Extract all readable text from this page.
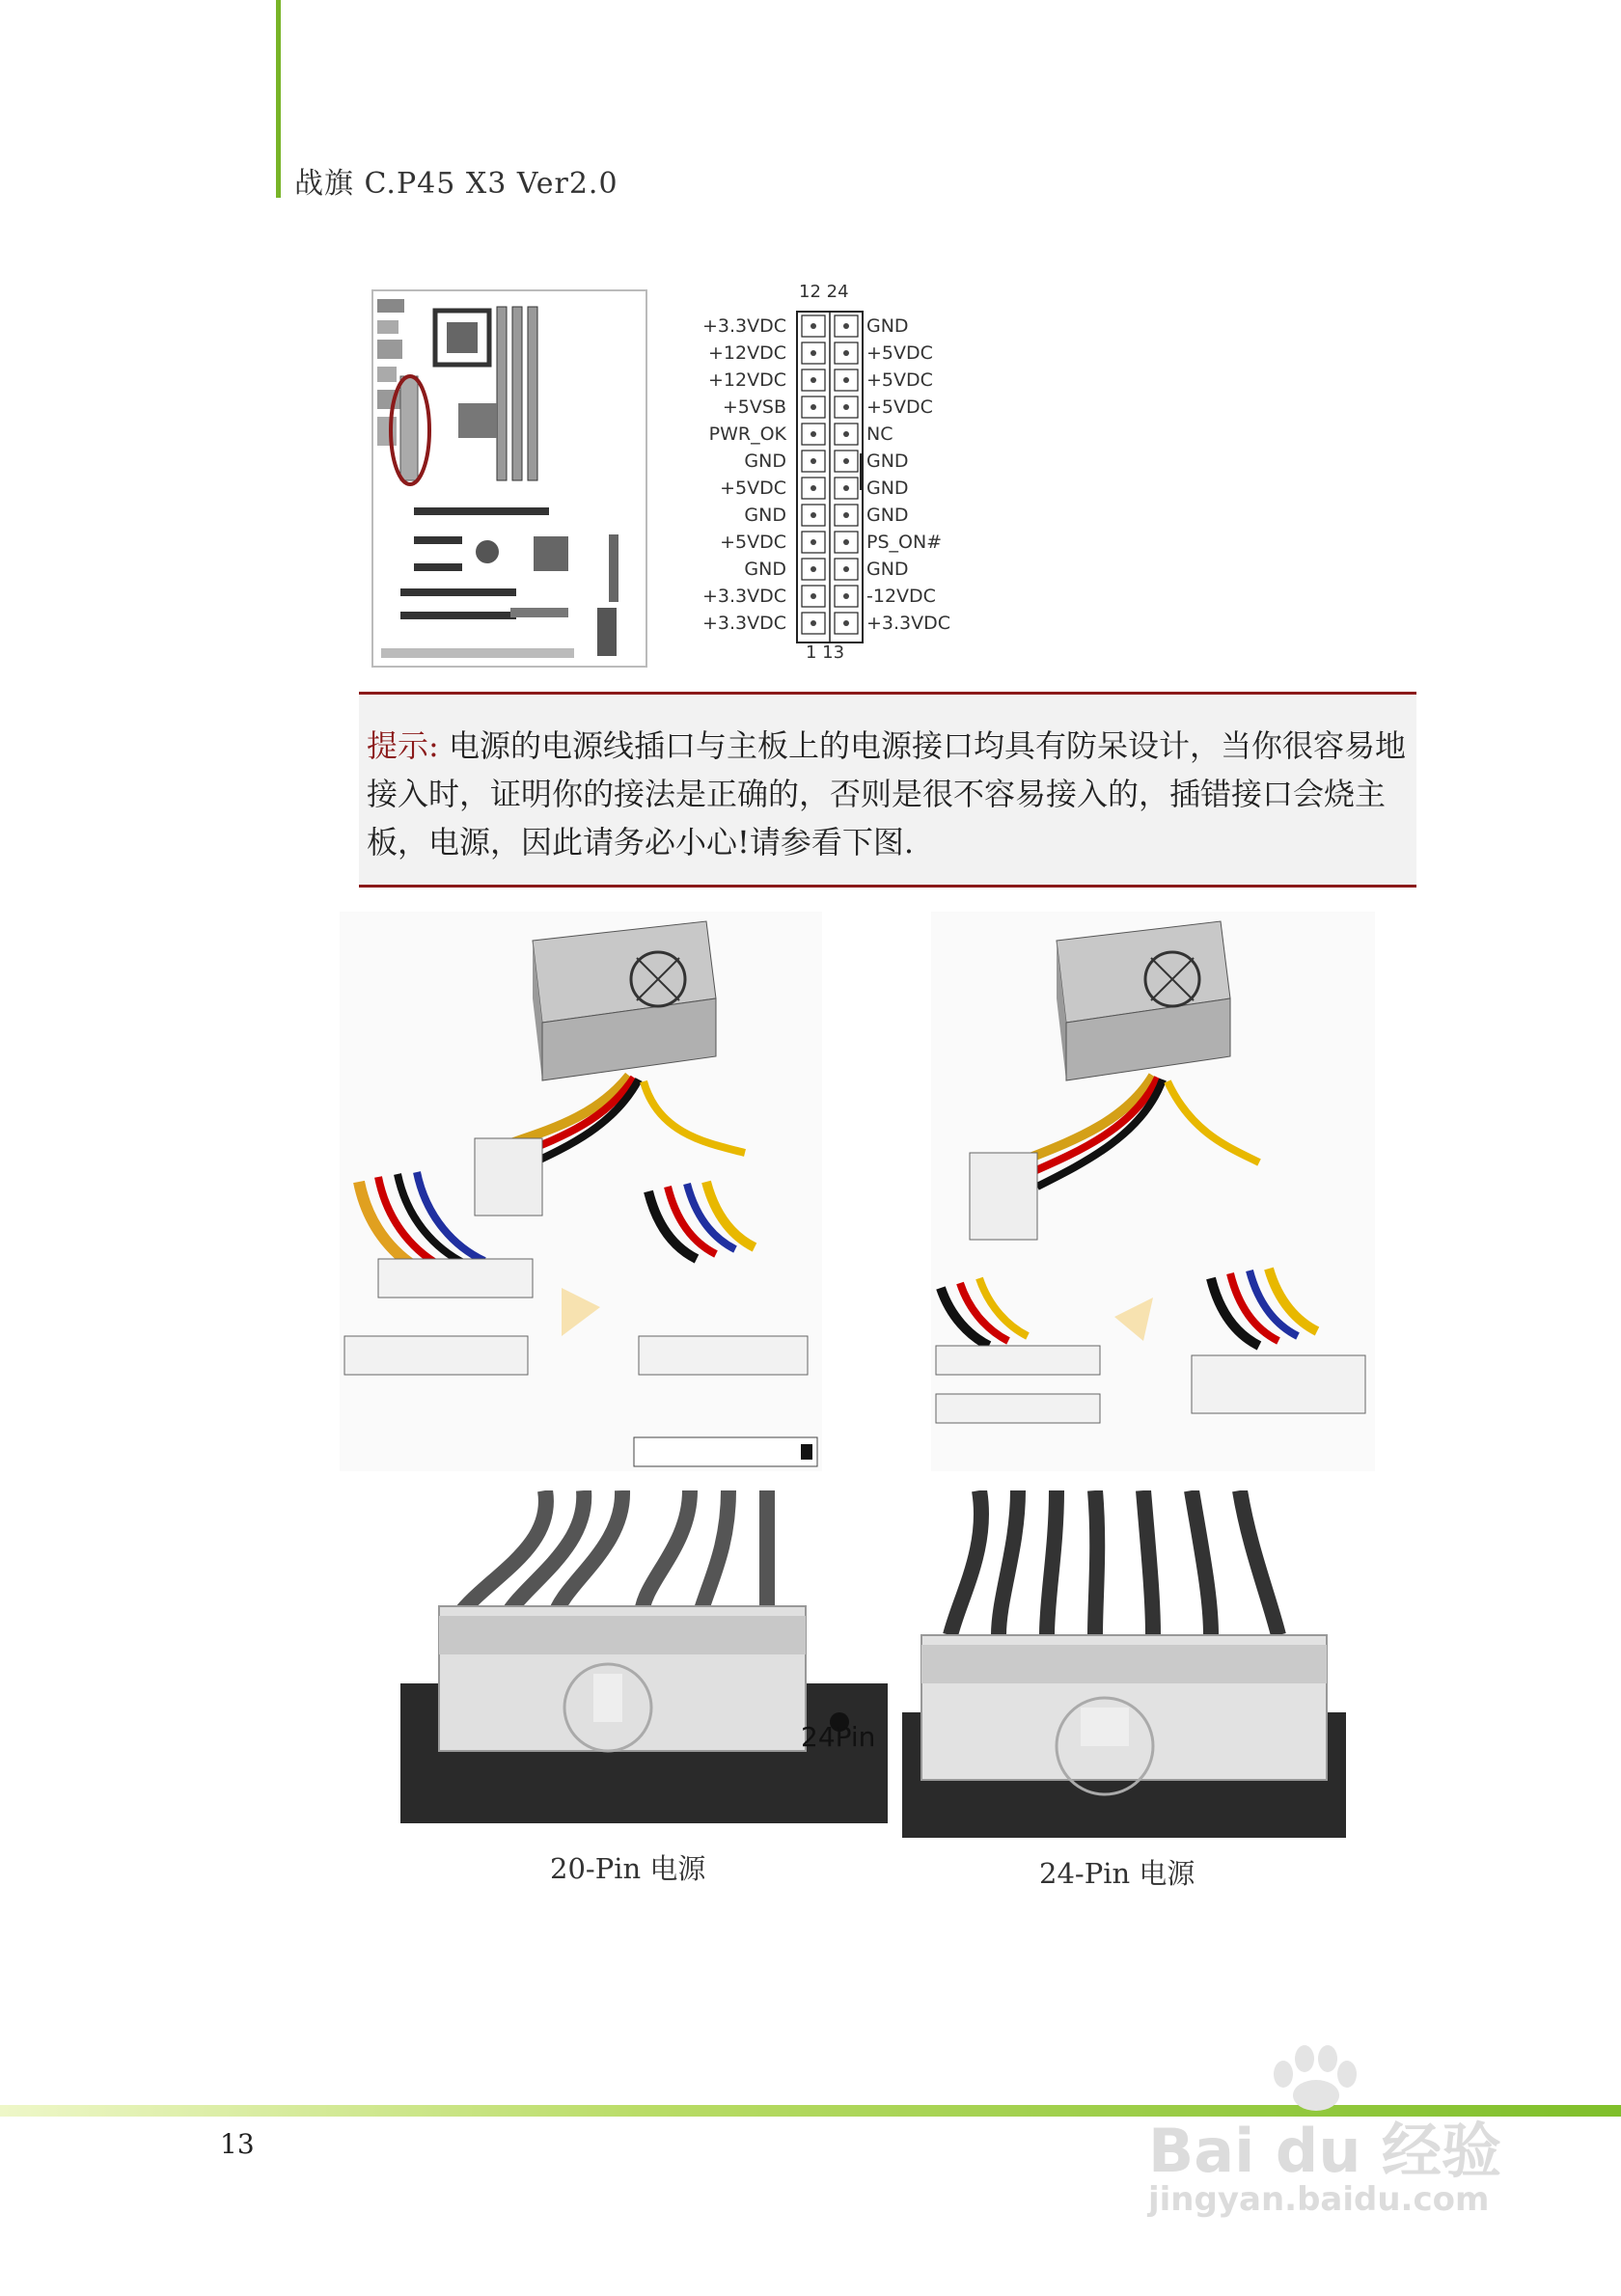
战旗 C.P45 X3 Ver2.0
12 24
+3.3VDC
+12VDC
+12VDC
+5VSB
PWR_OK
GND
+5VDC
GND
+5VDC
GND
+3.3VDC
+3.3VDC
GND
+5VDC
+5VDC
+5VDC
NC
GND
GND
GND
PS_ON#
GND
-12VDC
+3.3VDC
1 13
提示: 电源的电源线插口与主板上的电源接口均具有防呆设计，当你很容易地接入时，证明你的接法是正确的，否则是很不容易接入的，插错接口会烧主板，电源，因此请务必小心!请参看下图.
24Pin
20-Pin 电源	24-Pin 电源
13	Bai du 经验
jingyan.baidu.com
